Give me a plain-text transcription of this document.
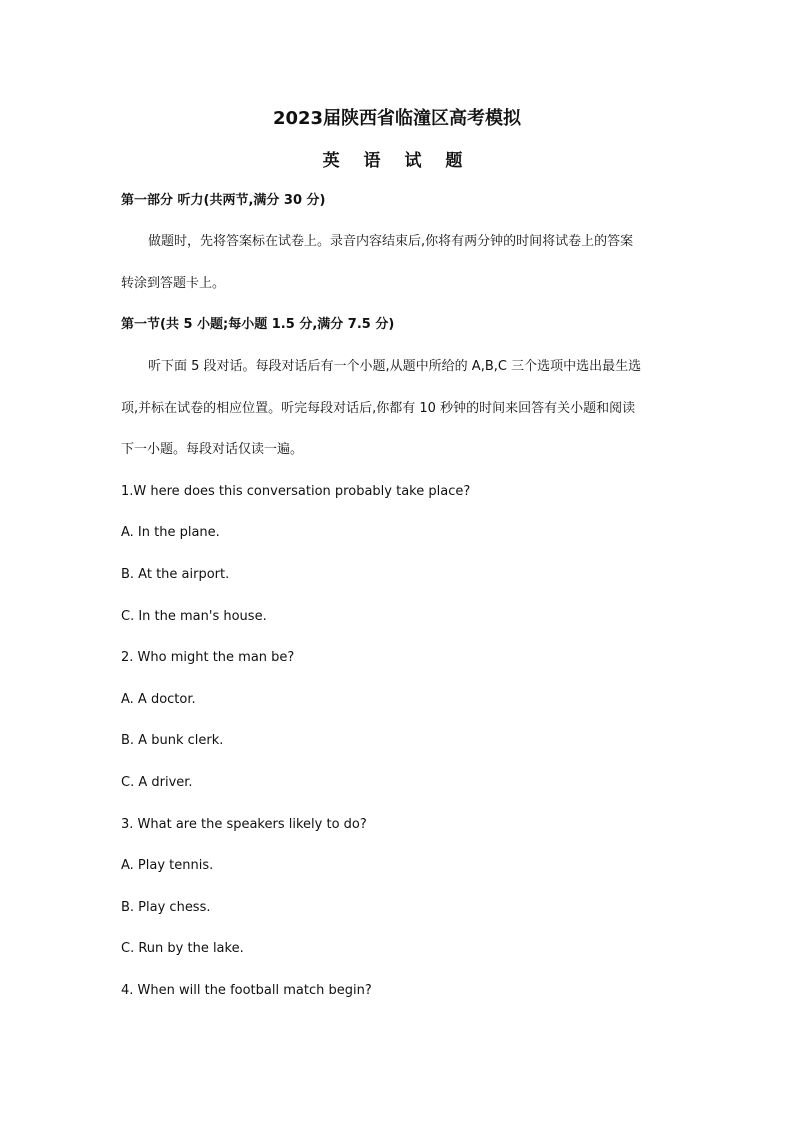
2023届陕西省临潼区高考模拟
英 语 试 题
第一部分 听力(共两节,满分 30 分)
做题时，先将答案标在试卷上。录音内容结束后,你将有两分钟的时间将试卷上的答案
转涂到答题卡上。
第一节(共 5 小题;每小题 1.5 分,满分 7.5 分)
听下面 5 段对话。每段对话后有一个小题,从题中所给的 A,B,C 三个选项中选出最生选
项,并标在试卷的相应位置。听完每段对话后,你都有 10 秒钟的时间来回答有关小题和阅读
下一小题。每段对话仅读一遍。
1.W here does this conversation probably take place?
A. In the plane.
B. At the airport.
C. In the man's house.
2. Who might the man be?
A. A doctor.
B. A bunk clerk.
C. A driver.
3. What are the speakers likely to do?
A. Play tennis.
B. Play chess.
C. Run by the lake.
4. When will the football match begin?
